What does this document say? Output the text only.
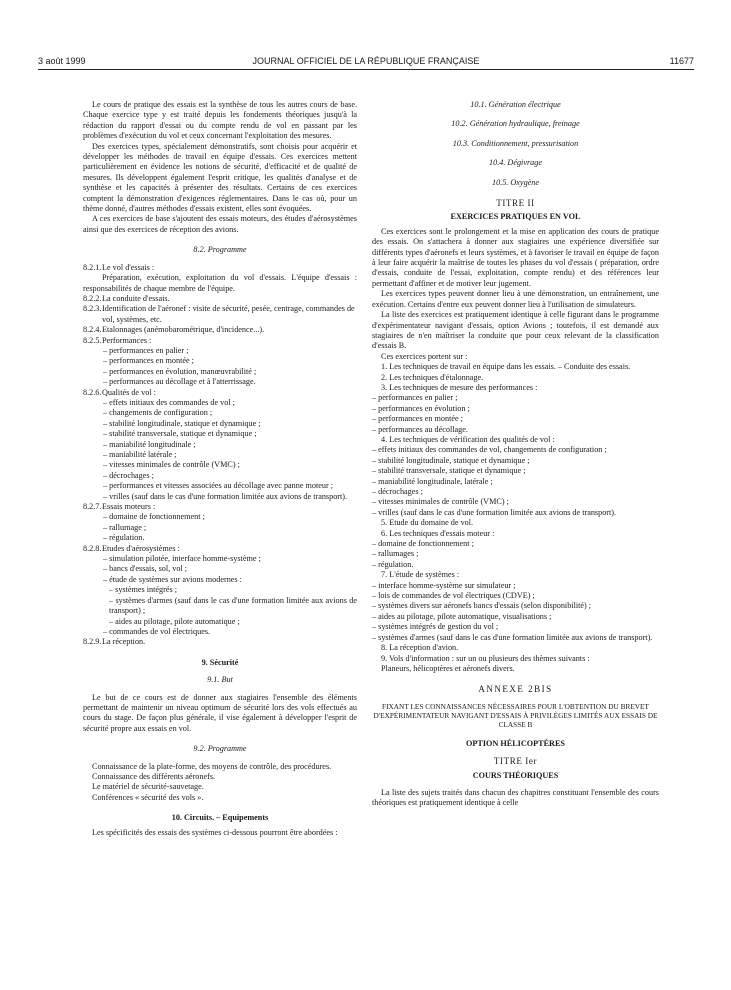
3 août 1999	JOURNAL OFFICIEL DE LA RÉPUBLIQUE FRANÇAISE	11677

Le cours de pratique des essais est la synthèse de tous les autres cours de base. Chaque exercice type y est traité depuis les fondements théoriques jusqu'à la rédaction du rapport d'essai ou du compte rendu de vol en passant par les problèmes d'exécution du vol et ceux concernant l'exploitation des mesures.

Des exercices types, spécialement démonstratifs, sont choisis pour acquérir et développer les méthodes de travail en équipe d'essais. Ces exercices mettent particulièrement en évidence les notions de sécurité, d'efficacité et de qualité de mesures. Ils développent également l'esprit critique, les qualités d'analyse et de synthèse et les capacités à présenter des résultats. Certains de ces exercices comptent la démonstration d'exigences réglementaires. Dans le cas où, pour un thème donné, d'autres méthodes d'essais existent, elles sont évoquées.

A ces exercices de base s'ajoutent des essais moteurs, des études d'aérosystèmes ainsi que des exercices de réception des avions.

8.2. Programme

8.2.1. Le vol d'essais :

Préparation, exécution, exploitation du vol d'essais. L'équipe d'essais : responsabilités de chaque membre de l'équipe.

8.2.2. La conduite d'essais.
8.2.3. Identification de l'aéronef : visite de sécurité, pesée, centrage, commandes de vol, systèmes, etc.
8.2.4. Etalonnages (anémobarométrique, d'incidence...).
8.2.5. Performances :

– performances en palier ;

– performances en montée ;

– performances en évolution, manœuvrabilité ;

– performances au décollage et à l'atterrissage.

8.2.6. Qualités de vol :

– effets initiaux des commandes de vol ;

– changements de configuration ;

– stabilité longitudinale, statique et dynamique ;

– stabilité transversale, statique et dynamique ;

– maniabilité longitudinale ;

– maniabilité latérale ;

– vitesses minimales de contrôle (VMC) ;

– décrochages ;

– performances et vitesses associées au décollage avec panne moteur ;

– vrilles (sauf dans le cas d'une formation limitée aux avions de transport).

8.2.7. Essais moteurs :

– domaine de fonctionnement ;

– rallumage ;

– régulation.

8.2.8. Etudes d'aérosystèmes :

– simulation pilotée, interface homme-système ;

– bancs d'essais, sol, vol ;

– étude de systèmes sur avions modernes :

– systèmes intégrés ;

– systèmes d'armes (sauf dans le cas d'une formation limitée aux avions de transport) ;

– aides au pilotage, pilote automatique ;

– commandes de vol électriques.

8.2.9. La réception.

9. Sécurité

9.1. But

Le but de ce cours est de donner aux stagiaires l'ensemble des éléments permettant de maintenir un niveau optimum de sécurité lors des vols effectués au cours du stage. De façon plus générale, il vise également à développer l'esprit de sécurité propre aux essais en vol.

9.2. Programme

Connaissance de la plate-forme, des moyens de contrôle, des procédures.

Connaissance des différents aéronefs.

Le matériel de sécurité-sauvetage.

Conférences « sécurité des vols ».

10. Circuits. – Equipements

Les spécificités des essais des systèmes ci-dessous pourront être abordées :

10.1. Génération électrique

10.2. Génération hydraulique, freinage

10.3. Conditionnement, pressurisation

10.4. Dégivrage

10.5. Oxygène

TITRE II

EXERCICES PRATIQUES EN VOL

Ces exercices sont le prolongement et la mise en application des cours de pratique des essais. On s'attachera à donner aux stagiaires une expérience diversifiée sur différents types d'aéronefs et leurs systèmes, et à favoriser le travail en équipe de façon à leur faire acquérir la maîtrise de toutes les phases du vol d'essais ( préparation, ordre d'essais, conduite de l'essai, exploitation, compte rendu) et des références leur permettant d'affiner et de motiver leur jugement.

Les exercices types peuvent donner lieu à une démonstration, un entraînement, une exécution. Certains d'entre eux peuvent donner lieu à l'utilisation de simulateurs.

La liste des exercices est pratiquement identique à celle figurant dans le programme d'expérimentateur navigant d'essais, option Avions ; toutefois, il est demandé aux stagiaires de n'en maîtriser la conduite que pour ceux relevant de la classification d'essais B.

Ces exercices portent sur :

1. Les techniques de travail en équipe dans les essais. – Conduite des essais.

2. Les techniques d'étalonnage.

3. Les techniques de mesure des performances :

– performances en palier ;

– performances en évolution ;

– performances en montée ;

– performances au décollage.

4. Les techniques de vérification des qualités de vol :

– effets initiaux des commandes de vol, changements de configuration ;

– stabilité longitudinale, statique et dynamique ;

– stabilité transversale, statique et dynamique ;

– maniabilité longitudinale, latérale ;

– décrochages ;

– vitesses minimales de contrôle (VMC) ;

– vrilles (sauf dans le cas d'une formation limitée aux avions de transport).

5. Etude du domaine de vol.

6. Les techniques d'essais moteur :

– domaine de fonctionnement ;

– rallumages ;

– régulation.

7. L'étude de systèmes :

– interface homme-système sur simulateur ;

– lois de commandes de vol électriques (CDVE) ;

– systèmes divers sur aéronefs bancs d'essais (selon disponibilité) ;

– aides au pilotage, pilote automatique, visualisations ;

– systèmes intégrés de gestion du vol ;

– systèmes d'armes (sauf dans le cas d'une formation limitée aux avions de transport).

8. La réception d'avion.

9. Vols d'information : sur un ou plusieurs des thèmes suivants :

Planeurs, hélicoptères et aéronefs divers.

ANNEXE 2BIS

FIXANT LES CONNAISSANCES NÉCESSAIRES POUR L'OBTENTION DU BREVET D'EXPÉRIMENTATEUR NAVIGANT D'ESSAIS À PRIVILÈGES LIMITÉS AUX ESSAIS DE CLASSE B

OPTION HÉLICOPTÈRES

TITRE Ier

COURS THÉORIQUES

La liste des sujets traités dans chacun des chapitres constituant l'ensemble des cours théoriques est pratiquement identique à celle
